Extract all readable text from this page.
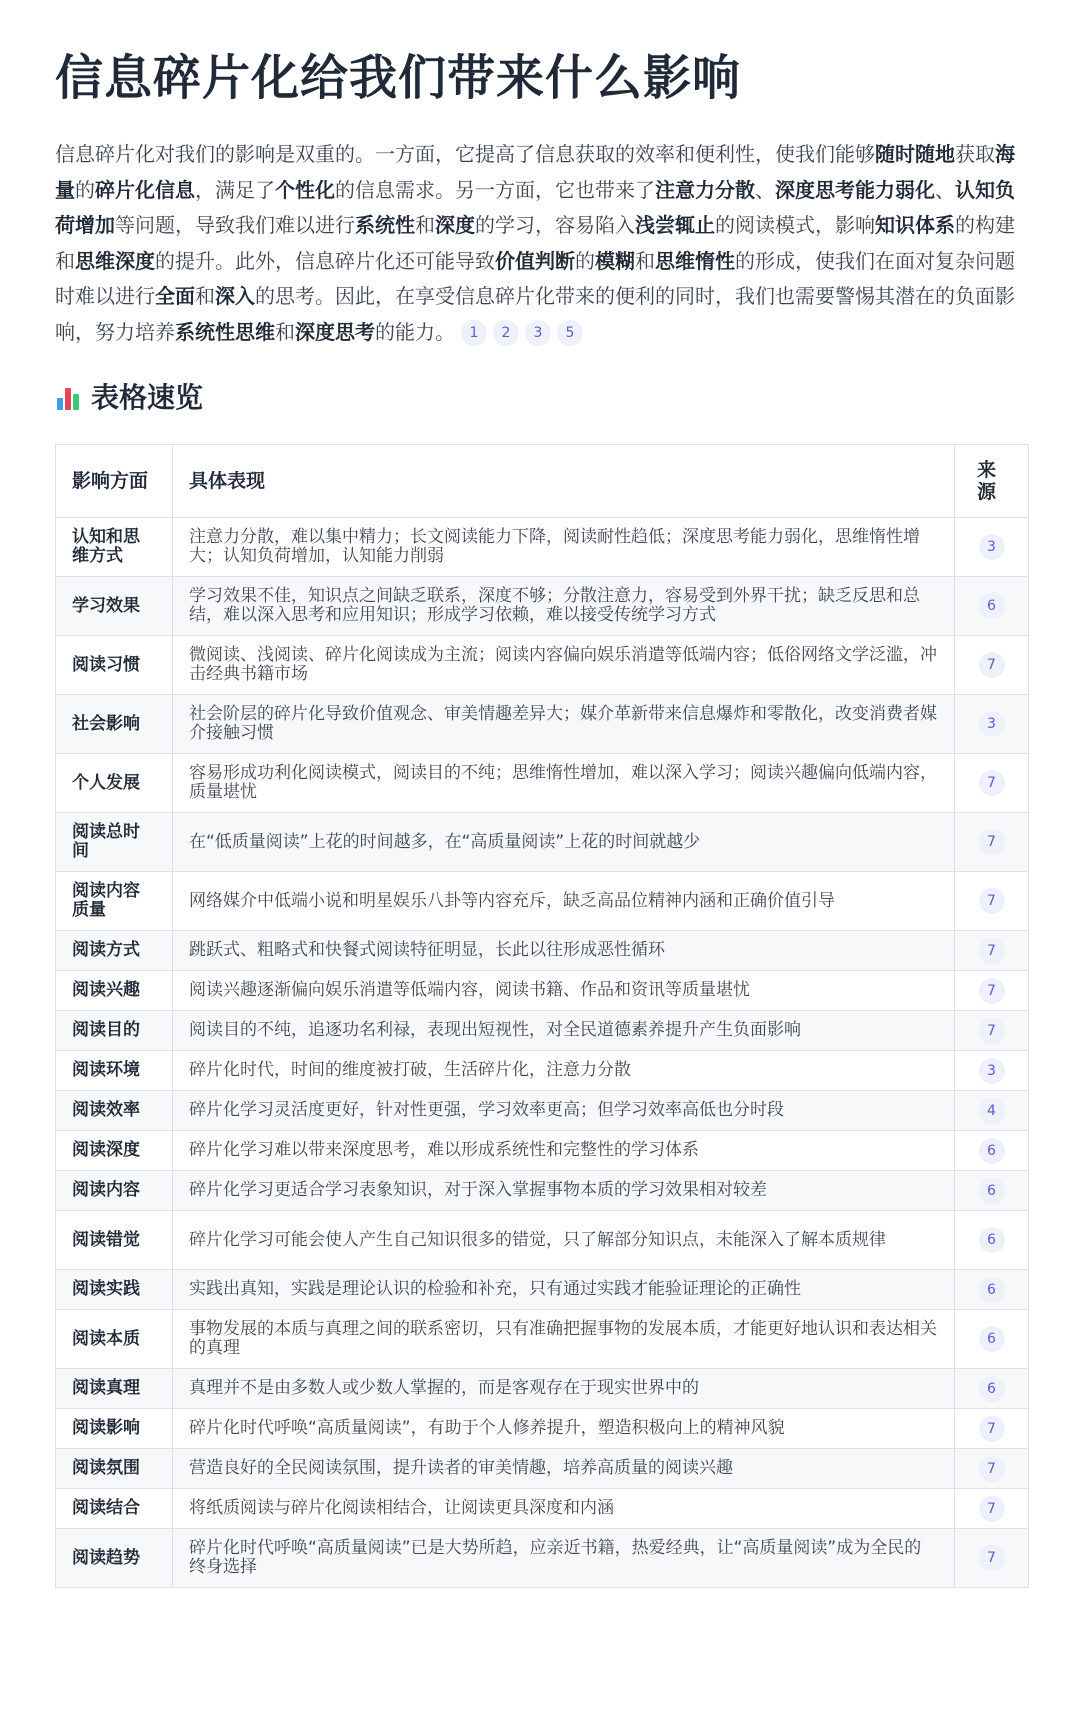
信息碎片化给我们带来什么影响
信息碎片化对我们的影响是双重的。一方面，它提高了信息获取的效率和便利性，使我们能够随时随地获取海量的碎片化信息，满足了个性化的信息需求。另一方面，它也带来了注意力分散、深度思考能力弱化、认知负荷增加等问题，导致我们难以进行系统性和深度的学习，容易陷入浅尝辄止的阅读模式，影响知识体系的构建和思维深度的提升。此外，信息碎片化还可能导致价值判断的模糊和思维惰性的形成，使我们在面对复杂问题时难以进行全面和深入的思考。因此，在享受信息碎片化带来的便利的同时，我们也需要警惕其潜在的负面影响，努力培养系统性思维和深度思考的能力。 1 2 3 5
表格速览
影响方面	具体表现	来源
认知和思维方式	注意力分散，难以集中精力；长文阅读能力下降，阅读耐性趋低；深度思考能力弱化，思维惰性增大；认知负荷增加，认知能力削弱	3
学习效果	学习效果不佳，知识点之间缺乏联系，深度不够；分散注意力，容易受到外界干扰；缺乏反思和总结，难以深入思考和应用知识；形成学习依赖，难以接受传统学习方式	6
阅读习惯	微阅读、浅阅读、碎片化阅读成为主流；阅读内容偏向娱乐消遣等低端内容；低俗网络文学泛滥，冲击经典书籍市场	7
社会影响	社会阶层的碎片化导致价值观念、审美情趣差异大；媒介革新带来信息爆炸和零散化，改变消费者媒介接触习惯	3
个人发展	容易形成功利化阅读模式，阅读目的不纯；思维惰性增加，难以深入学习；阅读兴趣偏向低端内容，质量堪忧	7
阅读总时间	在“低质量阅读”上花的时间越多，在“高质量阅读”上花的时间就越少	7
阅读内容质量	网络媒介中低端小说和明星娱乐八卦等内容充斥，缺乏高品位精神内涵和正确价值引导	7
阅读方式	跳跃式、粗略式和快餐式阅读特征明显，长此以往形成恶性循环	7
阅读兴趣	阅读兴趣逐渐偏向娱乐消遣等低端内容，阅读书籍、作品和资讯等质量堪忧	7
阅读目的	阅读目的不纯，追逐功名利禄，表现出短视性，对全民道德素养提升产生负面影响	7
阅读环境	碎片化时代，时间的维度被打破，生活碎片化，注意力分散	3
阅读效率	碎片化学习灵活度更好，针对性更强，学习效率更高；但学习效率高低也分时段	4
阅读深度	碎片化学习难以带来深度思考，难以形成系统性和完整性的学习体系	6
阅读内容	碎片化学习更适合学习表象知识，对于深入掌握事物本质的学习效果相对较差	6
阅读错觉	碎片化学习可能会使人产生自己知识很多的错觉，只了解部分知识点，未能深入了解本质规律	6
阅读实践	实践出真知，实践是理论认识的检验和补充，只有通过实践才能验证理论的正确性	6
阅读本质	事物发展的本质与真理之间的联系密切，只有准确把握事物的发展本质，才能更好地认识和表达相关的真理	6
阅读真理	真理并不是由多数人或少数人掌握的，而是客观存在于现实世界中的	6
阅读影响	碎片化时代呼唤“高质量阅读”，有助于个人修养提升，塑造积极向上的精神风貌	7
阅读氛围	营造良好的全民阅读氛围，提升读者的审美情趣，培养高质量的阅读兴趣	7
阅读结合	将纸质阅读与碎片化阅读相结合，让阅读更具深度和内涵	7
阅读趋势	碎片化时代呼唤“高质量阅读”已是大势所趋，应亲近书籍，热爱经典，让“高质量阅读”成为全民的终身选择	7
